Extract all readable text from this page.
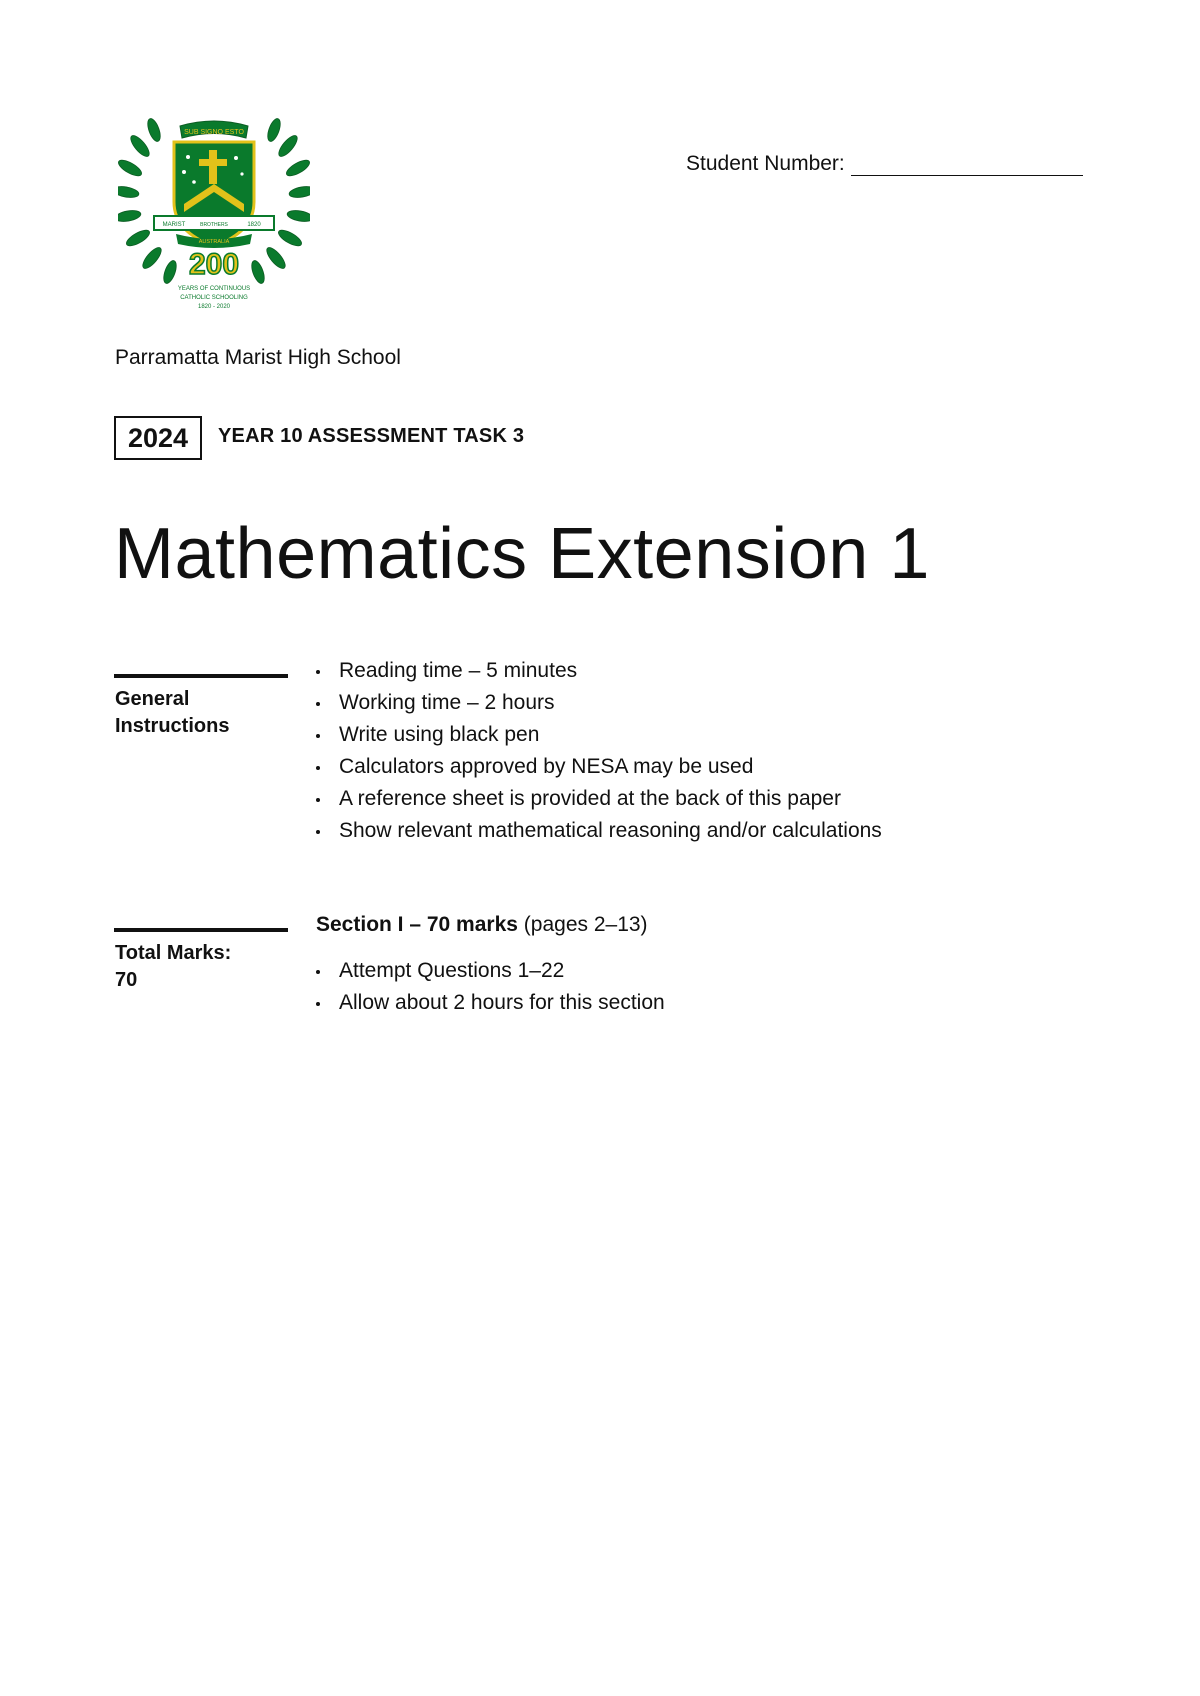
SUB SIGNO ESTO
MARIST	BROTHERS	1820
AUSTRALIA
200
YEARS OF CONTINUOUS
CATHOLIC SCHOOLING
1820 - 2020
Student Number:
Parramatta Marist High School
2024	YEAR 10 ASSESSMENT TASK 3
Mathematics Extension 1
General
Instructions
Reading time – 5 minutes
Working time – 2 hours
Write using black pen
Calculators approved by NESA may be used
A reference sheet is provided at the back of this paper
Show relevant mathematical reasoning and/or calculations
Total Marks:
70
Section I – 70 marks (pages 2–13)
Attempt Questions 1–22
Allow about 2 hours for this section
